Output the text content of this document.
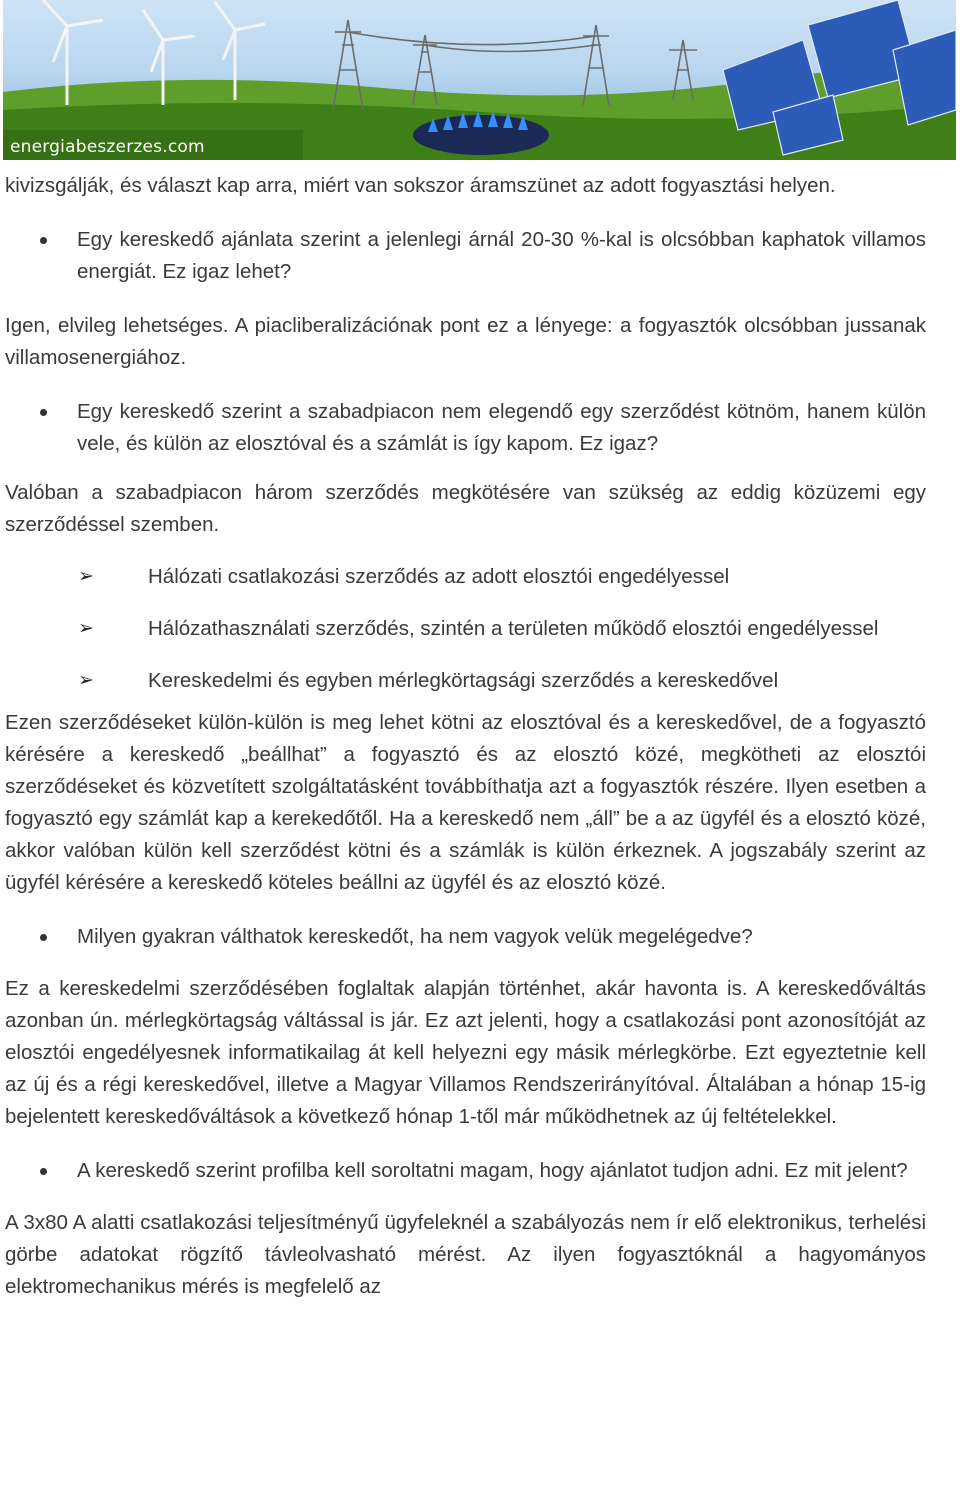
energiabeszerzes.com

kivizsgálják, és választ kap arra, miért van sokszor áramszünet az adott fogyasztási helyen.

Egy kereskedő ajánlata szerint a jelenlegi árnál 20-30 %-kal is olcsóbban kaphatok villamos energiát. Ez igaz lehet?

Igen, elvileg lehetséges. A piacliberalizációnak pont ez a lényege: a fogyasztók olcsóbban jussanak villamosenergiához.

Egy kereskedő szerint a szabadpiacon nem elegendő egy szerződést kötnöm, hanem külön vele, és külön az elosztóval és a számlát is így kapom. Ez igaz?

Valóban a szabadpiacon három szerződés megkötésére van szükség az eddig közüzemi egy szerződéssel szemben.

➢	Hálózati csatlakozási szerződés az adott elosztói engedélyessel
➢	Hálózathasználati szerződés, szintén a területen működő elosztói engedélyessel
➢	Kereskedelmi és egyben mérlegkörtagsági szerződés a kereskedővel

Ezen szerződéseket külön-külön is meg lehet kötni az elosztóval és a kereskedővel, de a fogyasztó kérésére a kereskedő „beállhat” a fogyasztó és az elosztó közé, megkötheti az elosztói szerződéseket és közvetített szolgáltatásként továbbíthatja azt a fogyasztók részére. Ilyen esetben a fogyasztó egy számlát kap a kerekedőtől. Ha a kereskedő nem „áll” be a az ügyfél és a elosztó közé, akkor valóban külön kell szerződést kötni és a számlák is külön érkeznek. A jogszabály szerint az ügyfél kérésére a kereskedő köteles beállni az ügyfél és az elosztó közé.

Milyen gyakran válthatok kereskedőt, ha nem vagyok velük megelégedve?

Ez a kereskedelmi szerződésében foglaltak alapján történhet, akár havonta is. A kereskedőváltás azonban ún. mérlegkörtagság váltással is jár. Ez azt jelenti, hogy a csatlakozási pont azonosítóját az elosztói engedélyesnek informatikailag át kell helyezni egy másik mérlegkörbe. Ezt egyeztetnie kell az új és a régi kereskedővel, illetve a Magyar Villamos Rendszerirányítóval. Általában a hónap 15-ig bejelentett kereskedőváltások a következő hónap 1-től már működhetnek az új feltételekkel.

A kereskedő szerint profilba kell soroltatni magam, hogy ajánlatot tudjon adni. Ez mit jelent?

A 3x80 A alatti csatlakozási teljesítményű ügyfeleknél a szabályozás nem ír elő elektronikus, terhelési görbe adatokat rögzítő távleolvasható mérést. Az ilyen fogyasztóknál a hagyományos elektromechanikus mérés is megfelelő az
